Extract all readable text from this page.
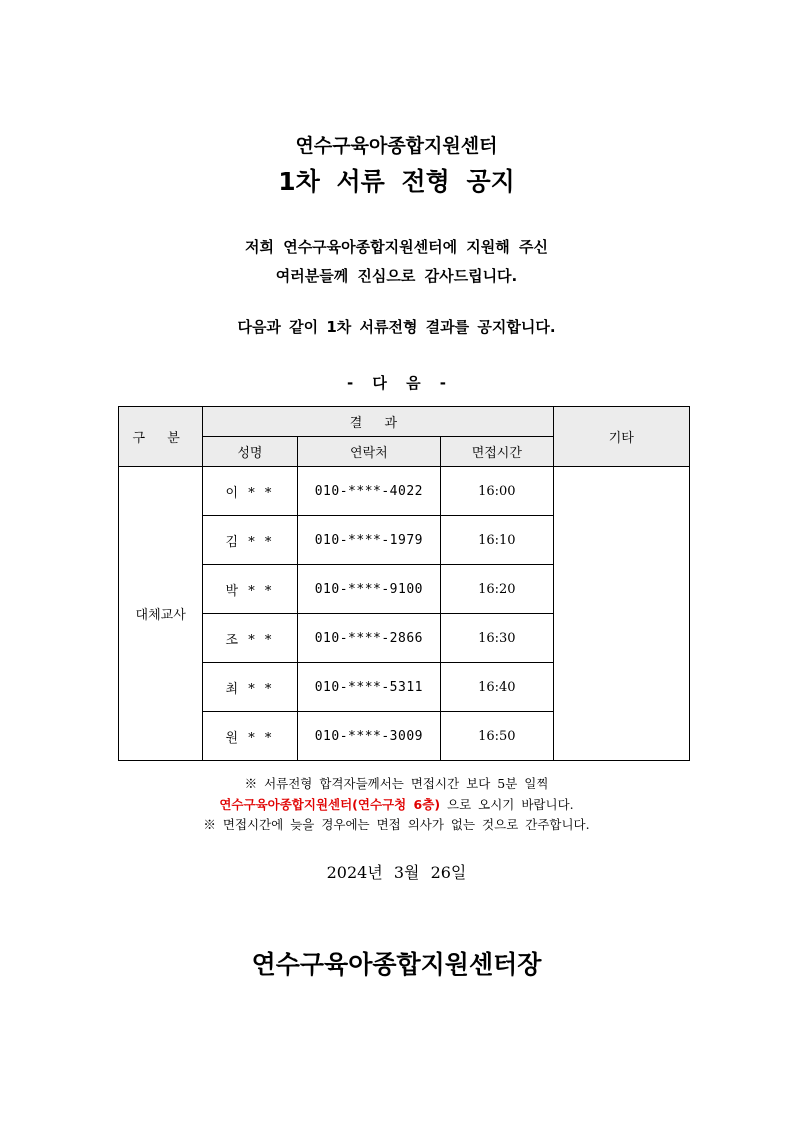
연수구육아종합지원센터
1차 서류 전형 공지
저희 연수구육아종합지원센터에 지원해 주신
여러분들께 진심으로 감사드립니다.
다음과 같이 1차 서류전형 결과를 공지합니다.
- 다 음 -
구 분	결 과			기타
	성명	연락처	면접시간	
대체교사	이 * *	010-****-4022	16:00	
	김 * *	010-****-1979	16:10	
	박 * *	010-****-9100	16:20	
	조 * *	010-****-2866	16:30	
	최 * *	010-****-5311	16:40	
	원 * *	010-****-3009	16:50	
※ 서류전형 합격자들께서는 면접시간 보다 5분 일찍
연수구육아종합지원센터(연수구청 6층) 으로 오시기 바랍니다.
※ 면접시간에 늦을 경우에는 면접 의사가 없는 것으로 간주합니다.
2024년 3월 26일
연수구육아종합지원센터장
